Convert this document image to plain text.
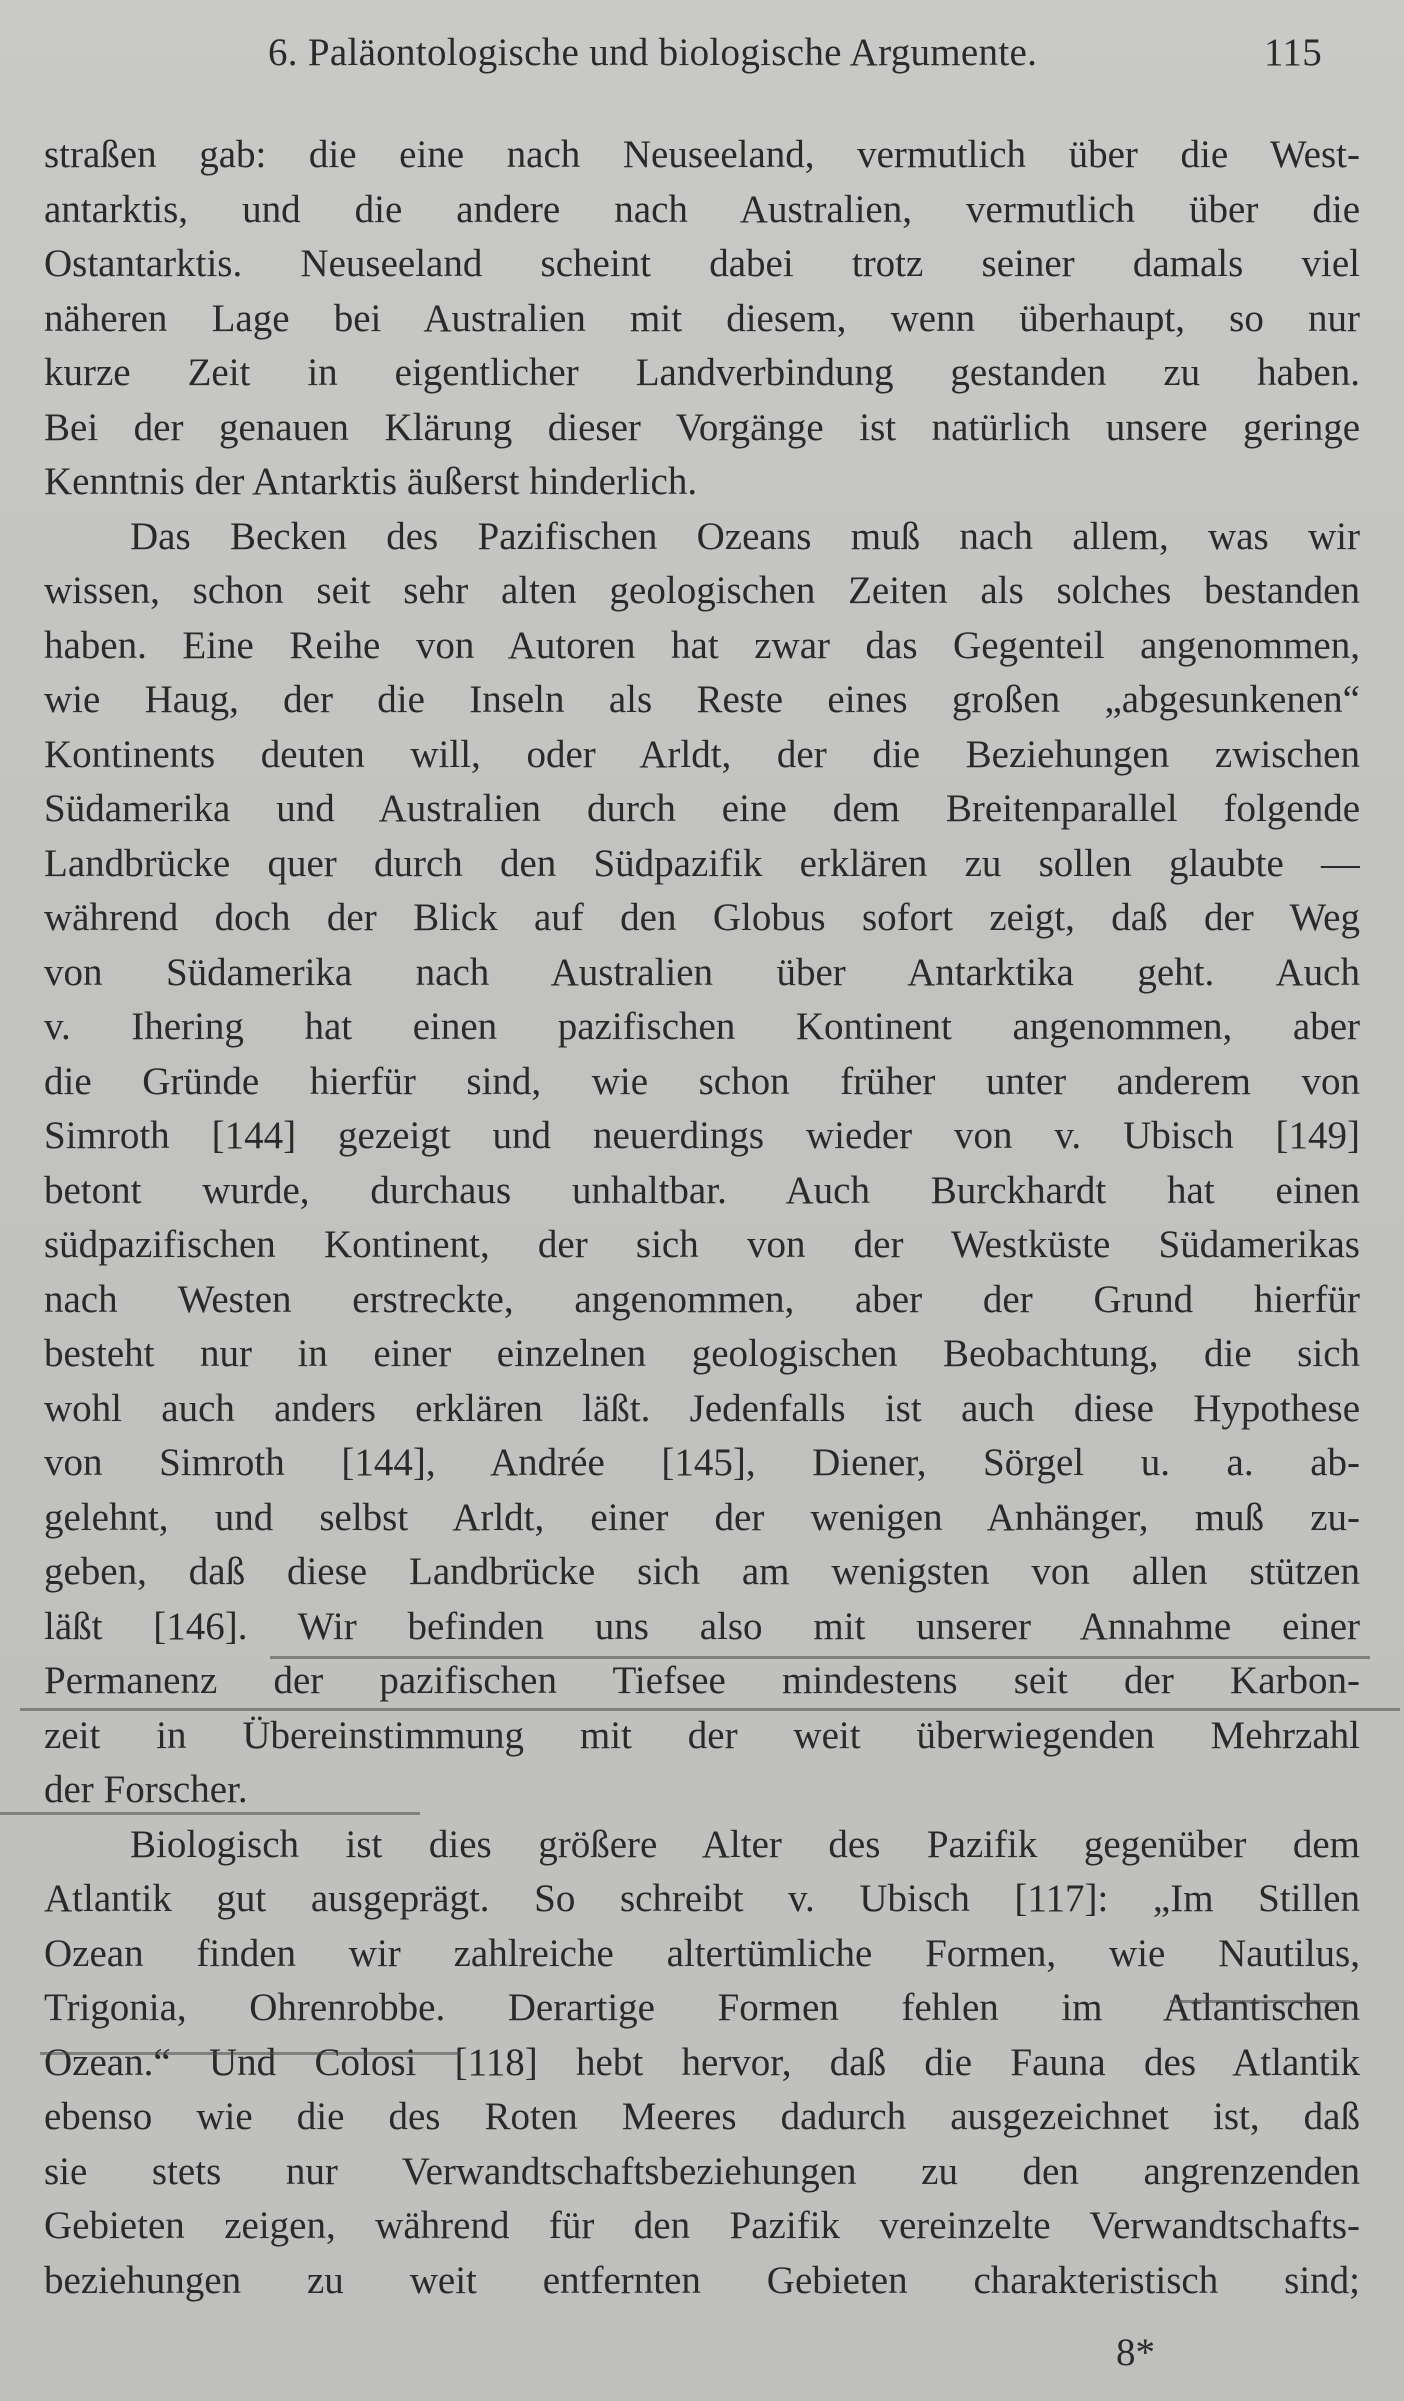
6. Paläontologische und biologische Argumente.	115
straßen gab: die eine nach Neuseeland, vermutlich über die West-
antarktis, und die andere nach Australien, vermutlich über die
Ostantarktis. Neuseeland scheint dabei trotz seiner damals viel
näheren Lage bei Australien mit diesem, wenn überhaupt, so nur
kurze Zeit in eigentlicher Landverbindung gestanden zu haben.
Bei der genauen Klärung dieser Vorgänge ist natürlich unsere geringe
Kenntnis der Antarktis äußerst hinderlich.
Das Becken des Pazifischen Ozeans muß nach allem, was wir
wissen, schon seit sehr alten geologischen Zeiten als solches bestanden
haben. Eine Reihe von Autoren hat zwar das Gegenteil angenommen,
wie Haug, der die Inseln als Reste eines großen „abgesunkenen“
Kontinents deuten will, oder Arldt, der die Beziehungen zwischen
Südamerika und Australien durch eine dem Breitenparallel folgende
Landbrücke quer durch den Südpazifik erklären zu sollen glaubte —
während doch der Blick auf den Globus sofort zeigt, daß der Weg
von Südamerika nach Australien über Antarktika geht. Auch
v. Ihering hat einen pazifischen Kontinent angenommen, aber
die Gründe hierfür sind, wie schon früher unter anderem von
Simroth [144] gezeigt und neuerdings wieder von v. Ubisch [149]
betont wurde, durchaus unhaltbar. Auch Burckhardt hat einen
südpazifischen Kontinent, der sich von der Westküste Südamerikas
nach Westen erstreckte, angenommen, aber der Grund hierfür
besteht nur in einer einzelnen geologischen Beobachtung, die sich
wohl auch anders erklären läßt. Jedenfalls ist auch diese Hypothese
von Simroth [144], Andrée [145], Diener, Sörgel u. a. ab-
gelehnt, und selbst Arldt, einer der wenigen Anhänger, muß zu-
geben, daß diese Landbrücke sich am wenigsten von allen stützen
läßt [146]. Wir befinden uns also mit unserer Annahme einer
Permanenz der pazifischen Tiefsee mindestens seit der Karbon-
zeit in Übereinstimmung mit der weit überwiegenden Mehrzahl
der Forscher.
Biologisch ist dies größere Alter des Pazifik gegenüber dem
Atlantik gut ausgeprägt. So schreibt v. Ubisch [117]: „Im Stillen
Ozean finden wir zahlreiche altertümliche Formen, wie Nautilus,
Trigonia, Ohrenrobbe. Derartige Formen fehlen im Atlantischen
Ozean.“ Und Colosi [118] hebt hervor, daß die Fauna des Atlantik
ebenso wie die des Roten Meeres dadurch ausgezeichnet ist, daß
sie stets nur Verwandtschaftsbeziehungen zu den angrenzenden
Gebieten zeigen, während für den Pazifik vereinzelte Verwandtschafts-
beziehungen zu weit entfernten Gebieten charakteristisch sind;
8*
